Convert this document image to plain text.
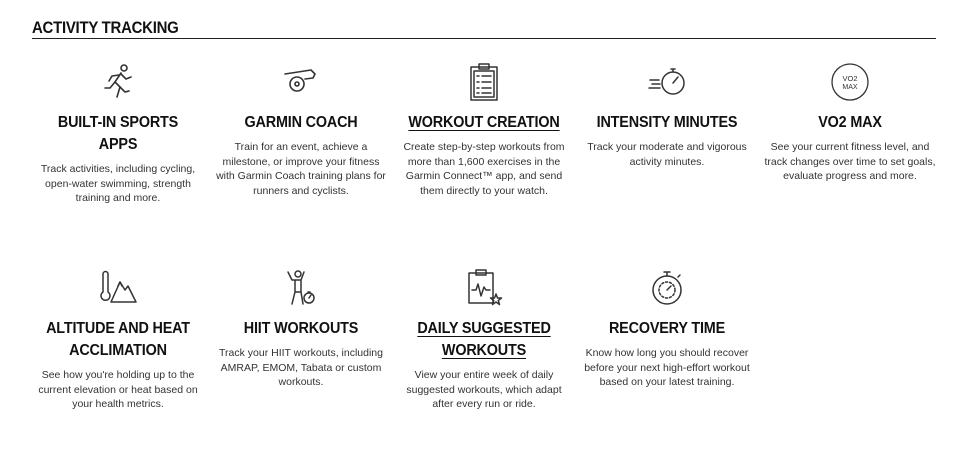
ACTIVITY TRACKING
BUILT-IN SPORTS APPS
Track activities, including cycling, open-water swimming, strength training and more.
GARMIN COACH
Train for an event, achieve a milestone, or improve your fitness with Garmin Coach training plans for runners and cyclists.
WORKOUT CREATION
Create step-by-step workouts from more than 1,600 exercises in the Garmin Connect™ app, and send them directly to your watch.
INTENSITY MINUTES
Track your moderate and vigorous activity minutes.
VO2
MAX
VO2 MAX
See your current fitness level, and track changes over time to set goals, evaluate progress and more.
ALTITUDE AND HEAT ACCLIMATION
See how you're holding up to the current elevation or heat based on your health metrics.
HIIT WORKOUTS
Track your HIIT workouts, including AMRAP, EMOM, Tabata or custom workouts.
DAILY SUGGESTED WORKOUTS
View your entire week of daily suggested workouts, which adapt after every run or ride.
RECOVERY TIME
Know how long you should recover before your next high-effort workout based on your latest training.
